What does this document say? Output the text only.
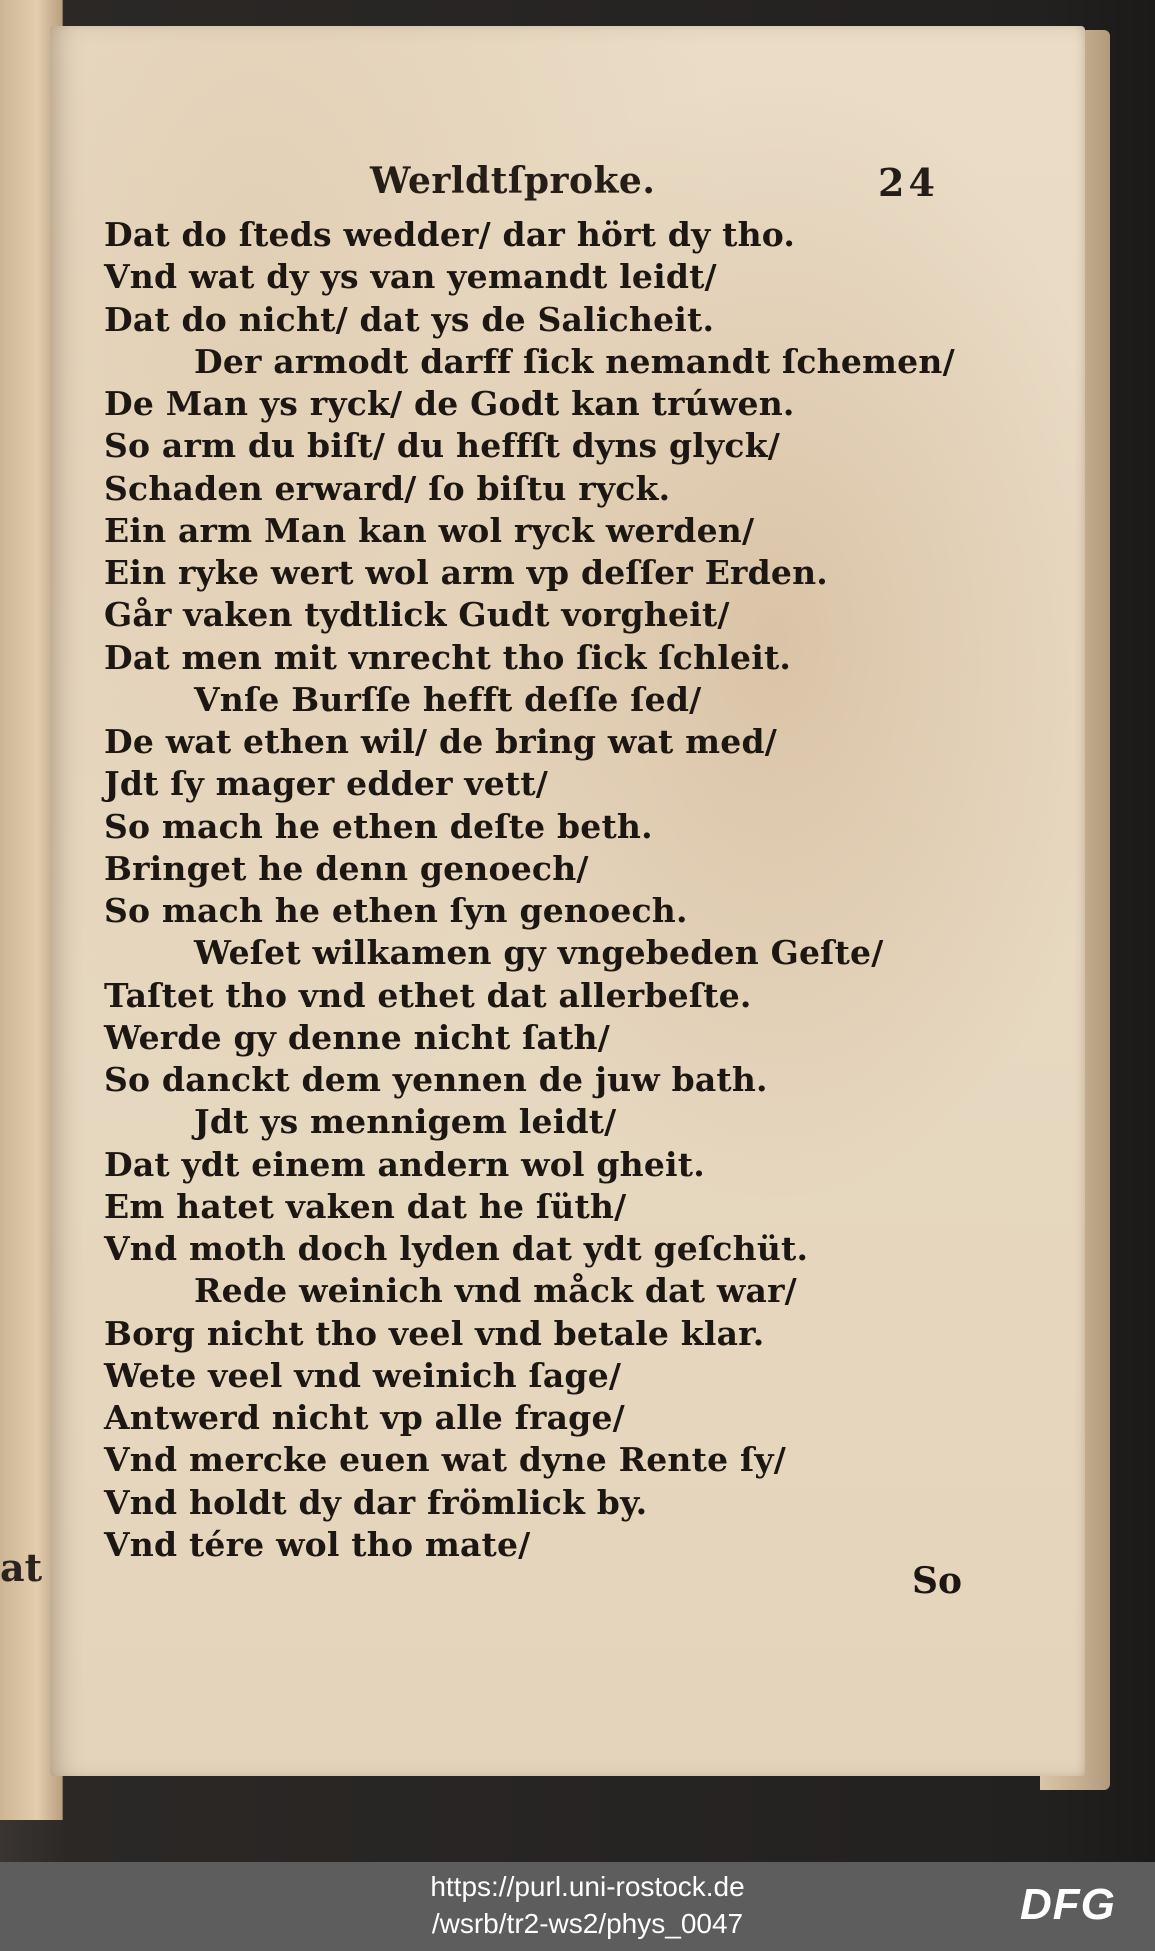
at
Werldtſproke.	24
Dat do ſteds wedder/ dar hört dy tho.
Vnd wat dy ys van yemandt leidt/
Dat do nicht/ dat ys de Salicheit.
Der armodt darff ſick nemandt ſchemen/
De Man ys ryck/ de Godt kan trúwen.
So arm du biſt/ du heffſt dyns glyck/
Schaden erward/ ſo biſtu ryck.
Ein arm Man kan wol ryck werden/
Ein ryke wert wol arm vp deſſer Erden.
Går vaken tydtlick Gudt vorgheit/
Dat men mit vnrecht tho ſick ſchleit.
Vnſe Burſſe hefft deſſe ſed/
De wat ethen wil/ de bring wat med/
Jdt ſy mager edder vett/
So mach he ethen deſte beth.
Bringet he denn genoech/
So mach he ethen ſyn genoech.
Weſet wilkamen gy vngebeden Geſte/
Taſtet tho vnd ethet dat allerbeſte.
Werde gy denne nicht ſath/
So danckt dem yennen de juw bath.
Jdt ys mennigem leidt/
Dat ydt einem andern wol gheit.
Em hatet vaken dat he ſüth/
Vnd moth doch lyden dat ydt geſchüt.
Rede weinich vnd måck dat war/
Borg nicht tho veel vnd betale klar.
Wete veel vnd weinich ſage/
Antwerd nicht vp alle frage/
Vnd mercke euen wat dyne Rente ſy/
Vnd holdt dy dar frömlick by.
Vnd tére wol tho mate/
So
https://purl.uni-rostock.de
/wsrb/tr2-ws2/phys_0047	DFG
